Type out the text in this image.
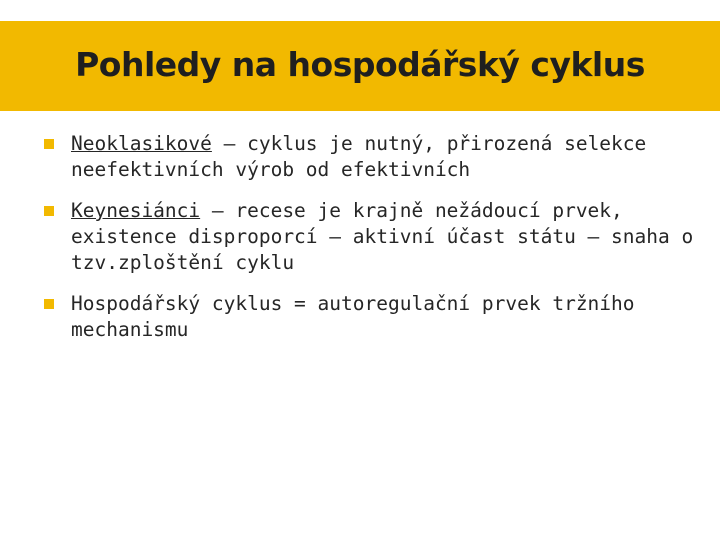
Pohledy na hospodářský cyklus
Neoklasikové – cyklus je nutný, přirozená selekce neefektivních výrob od efektivních
Keynesiánci – recese je krajně nežádoucí prvek, existence disproporcí – aktivní účast státu – snaha o tzv.zploštění cyklu
Hospodářský cyklus = autoregulační prvek tržního mechanismu
